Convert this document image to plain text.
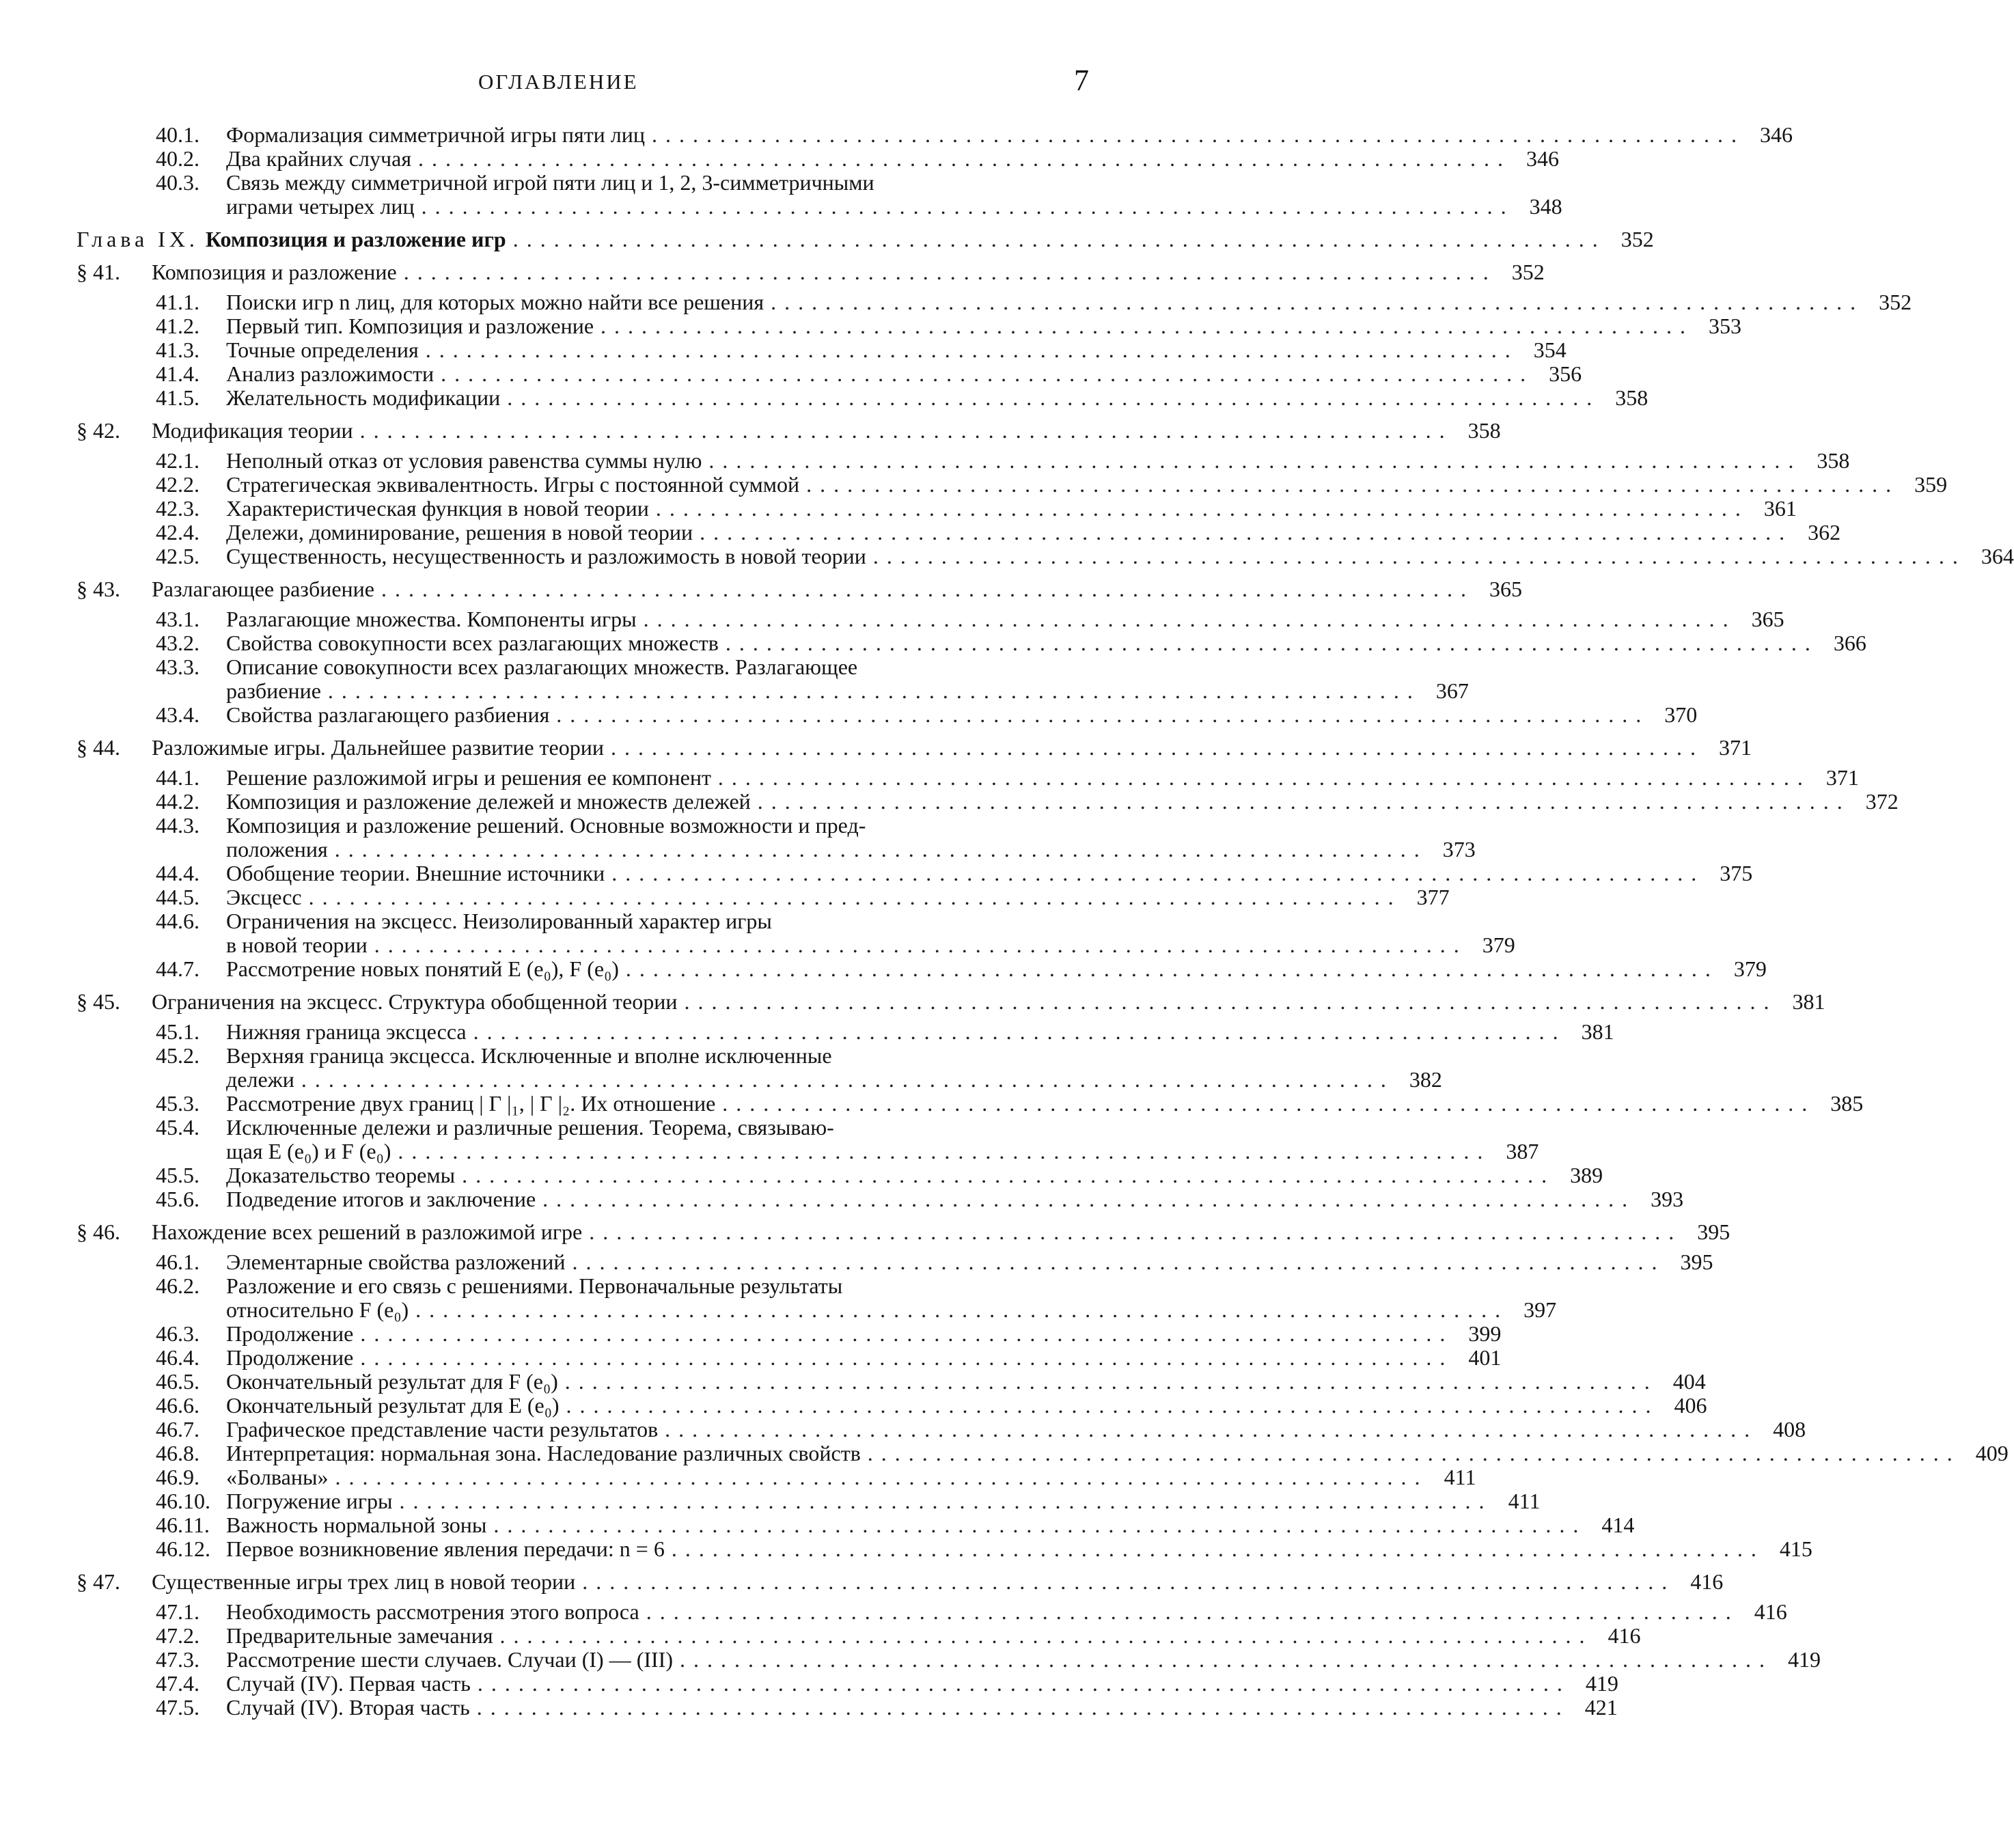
ОГЛАВЛЕНИЕ	7
40.1.	Формализация симметричной игры пяти лиц . . .	346
40.2.	Два крайних случая . . .	346
40.3.	Связь между симметричной игрой пяти лиц и 1, 2, 3-симметричными
играми четырех лиц . . .	348
Глава IX. Композиция и разложение игр . . .	352
§ 41.	Композиция и разложение . . .	352
41.1.	Поиски игр n лиц, для которых можно найти все решения . . .	352
41.2.	Первый тип. Композиция и разложение . . .	353
41.3.	Точные определения . . .	354
41.4.	Анализ разложимости . . .	356
41.5.	Желательность модификации . . .	358
§ 42.	Модификация теории . . .	358
42.1.	Неполный отказ от условия равенства суммы нулю . . .	358
42.2.	Стратегическая эквивалентность. Игры с постоянной суммой . . .	359
42.3.	Характеристическая функция в новой теории . . .	361
42.4.	Дележи, доминирование, решения в новой теории . . .	362
42.5.	Существенность, несущественность и разложимость в новой теории . . .	364
§ 43.	Разлагающее разбиение . . .	365
43.1.	Разлагающие множества. Компоненты игры . . .	365
43.2.	Свойства совокупности всех разлагающих множеств . . .	366
43.3.	Описание совокупности всех разлагающих множеств. Разлагающее
разбиение . . .	367
43.4.	Свойства разлагающего разбиения . . .	370
§ 44.	Разложимые игры. Дальнейшее развитие теории . . .	371
44.1.	Решение разложимой игры и решения ее компонент . . .	371
44.2.	Композиция и разложение дележей и множеств дележей . . .	372
44.3.	Композиция и разложение решений. Основные возможности и пред-
положения . . .	373
44.4.	Обобщение теории. Внешние источники . . .	375
44.5.	Эксцесс . . .	377
44.6.	Ограничения на эксцесс. Неизолированный характер игры
в новой теории . . .	379
44.7.	Рассмотрение новых понятий E (e₀), F (e₀) . . .	379
§ 45.	Ограничения на эксцесс. Структура обобщенной теории . . .	381
45.1.	Нижняя граница эксцесса . . .	381
45.2.	Верхняя граница эксцесса. Исключенные и вполне исключенные
дележи . . .	382
45.3.	Рассмотрение двух границ | Γ |₁, | Γ |₂. Их отношение . . .	385
45.4.	Исключенные дележи и различные решения. Теорема, связываю-
щая E (e₀) и F (e₀) . . .	387
45.5.	Доказательство теоремы . . .	389
45.6.	Подведение итогов и заключение . . .	393
§ 46.	Нахождение всех решений в разложимой игре . . .	395
46.1.	Элементарные свойства разложений . . .	395
46.2.	Разложение и его связь с решениями. Первоначальные результаты
относительно F (e₀) . . .	397
46.3.	Продолжение . . .	399
46.4.	Продолжение . . .	401
46.5.	Окончательный результат для F (e₀) . . .	404
46.6.	Окончательный результат для E (e₀) . . .	406
46.7.	Графическое представление части результатов . . .	408
46.8.	Интерпретация: нормальная зона. Наследование различных свойств . . .	409
46.9.	«Болваны» . . .	411
46.10. Погружение игры . . .	411
46.11. Важность нормальной зоны . . .	414
46.12. Первое возникновение явления передачи: n = 6 . . .	415
§ 47.	Существенные игры трех лиц в новой теории . . .	416
47.1.	Необходимость рассмотрения этого вопроса . . .	416
47.2.	Предварительные замечания . . .	416
47.3.	Рассмотрение шести случаев. Случаи (I) — (III) . . .	419
47.4.	Случай (IV). Первая часть . . .	419
47.5.	Случай (IV). Вторая часть . . .	421
